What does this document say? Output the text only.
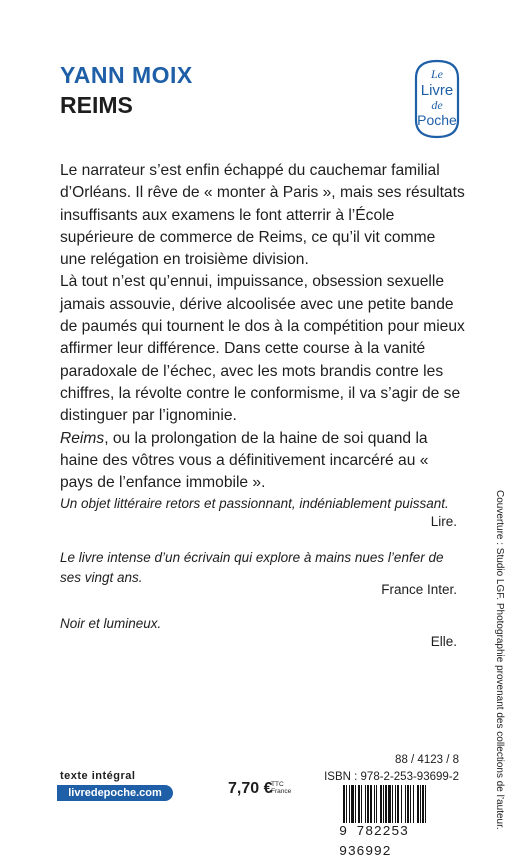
YANN MOIX
REIMS
Le
Livre
de
Poche

Le narrateur s’est enfin échappé du cauchemar familial d’Orléans. Il rêve de « monter à Paris », mais ses résultats insuffisants aux examens le font atterrir à l’École supérieure de commerce de Reims, ce qu’il vit comme une relégation en troisième division.

Là tout n’est qu’ennui, impuissance, obsession sexuelle jamais assouvie, dérive alcoolisée avec une petite bande de paumés qui tournent le dos à la compétition pour mieux affirmer leur différence. Dans cette course à la vanité paradoxale de l’échec, avec les mots brandis contre les chiffres, la révolte contre le conformisme, il va s’agir de se distinguer par l’ignominie.

Reims, ou la prolongation de la haine de soi quand la haine des vôtres vous a définitivement incarcéré au « pays de l’enfance immobile ».

Un objet littéraire retors et passionnant, indéniablement puissant.
Lire.
Le livre intense d’un écrivain qui explore à mains nues l’enfer de ses vingt ans.
France Inter.
Noir et lumineux.
Elle.	Couverture : Studio LGF. Photographie provenant des collections de l’auteur.
texte intégral
livredepoche.com	7,70 €
TTC
France
88 / 4123 / 8
ISBN : 978-2-253-93699-2
9 782253 936992
